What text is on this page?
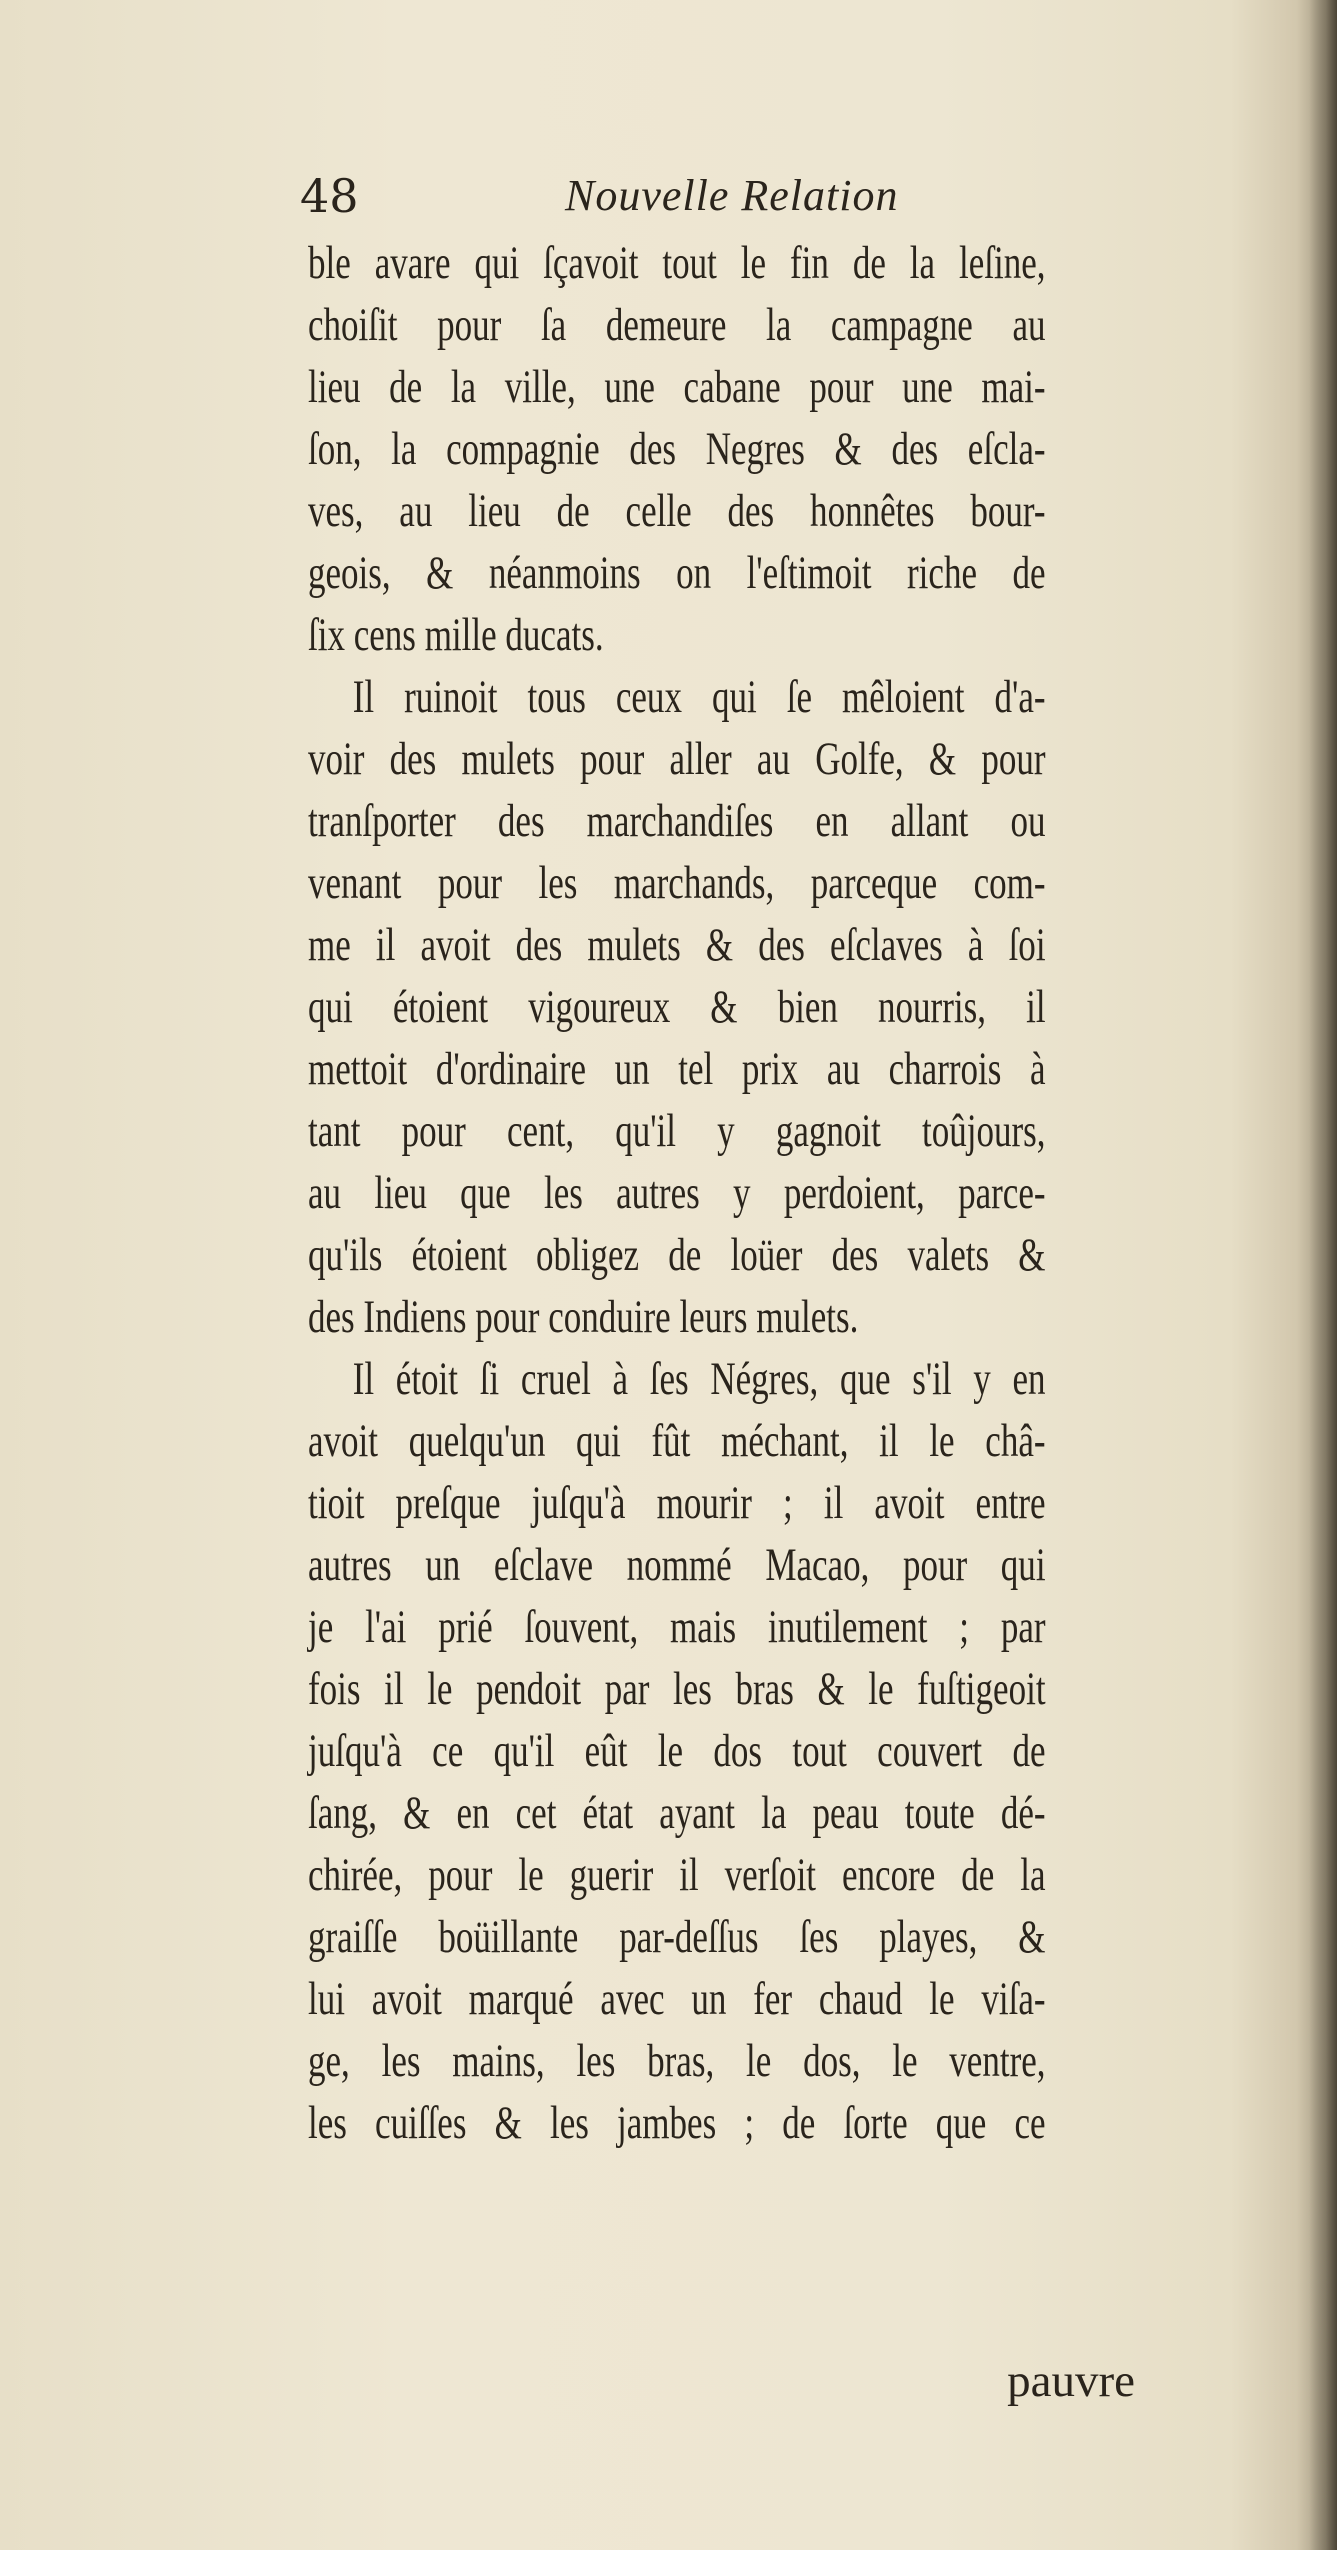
48	Nouvelle Relation
ble avare qui ſçavoit tout le fin de la leſine,
choiſit pour ſa demeure la campagne au
lieu de la ville, une cabane pour une mai-
ſon, la compagnie des Negres & des eſcla-
ves, au lieu de celle des honnêtes bour-
geois, & néanmoins on l'eſtimoit riche de
ſix cens mille ducats.
Il ruinoit tous ceux qui ſe mêloient d'a-
voir des mulets pour aller au Golfe, & pour
tranſporter des marchandiſes en allant ou
venant pour les marchands, parceque com-
me il avoit des mulets & des eſclaves à ſoi
qui étoient vigoureux & bien nourris, il
mettoit d'ordinaire un tel prix au charrois à
tant pour cent, qu'il y gagnoit toûjours,
au lieu que les autres y perdoient, parce-
qu'ils étoient obligez de loüer des valets &
des Indiens pour conduire leurs mulets.
Il étoit ſi cruel à ſes Négres, que s'il y en
avoit quelqu'un qui fût méchant, il le châ-
tioit preſque juſqu'à mourir ; il avoit entre
autres un eſclave nommé Macao, pour qui
je l'ai prié ſouvent, mais inutilement ; par
fois il le pendoit par les bras & le fuſtigeoit
juſqu'à ce qu'il eût le dos tout couvert de
ſang, & en cet état ayant la peau toute dé-
chirée, pour le guerir il verſoit encore de la
graiſſe boüillante par-deſſus ſes playes, &
lui avoit marqué avec un fer chaud le viſa-
ge, les mains, les bras, le dos, le ventre,
les cuiſſes & les jambes ; de ſorte que ce
pauvre
